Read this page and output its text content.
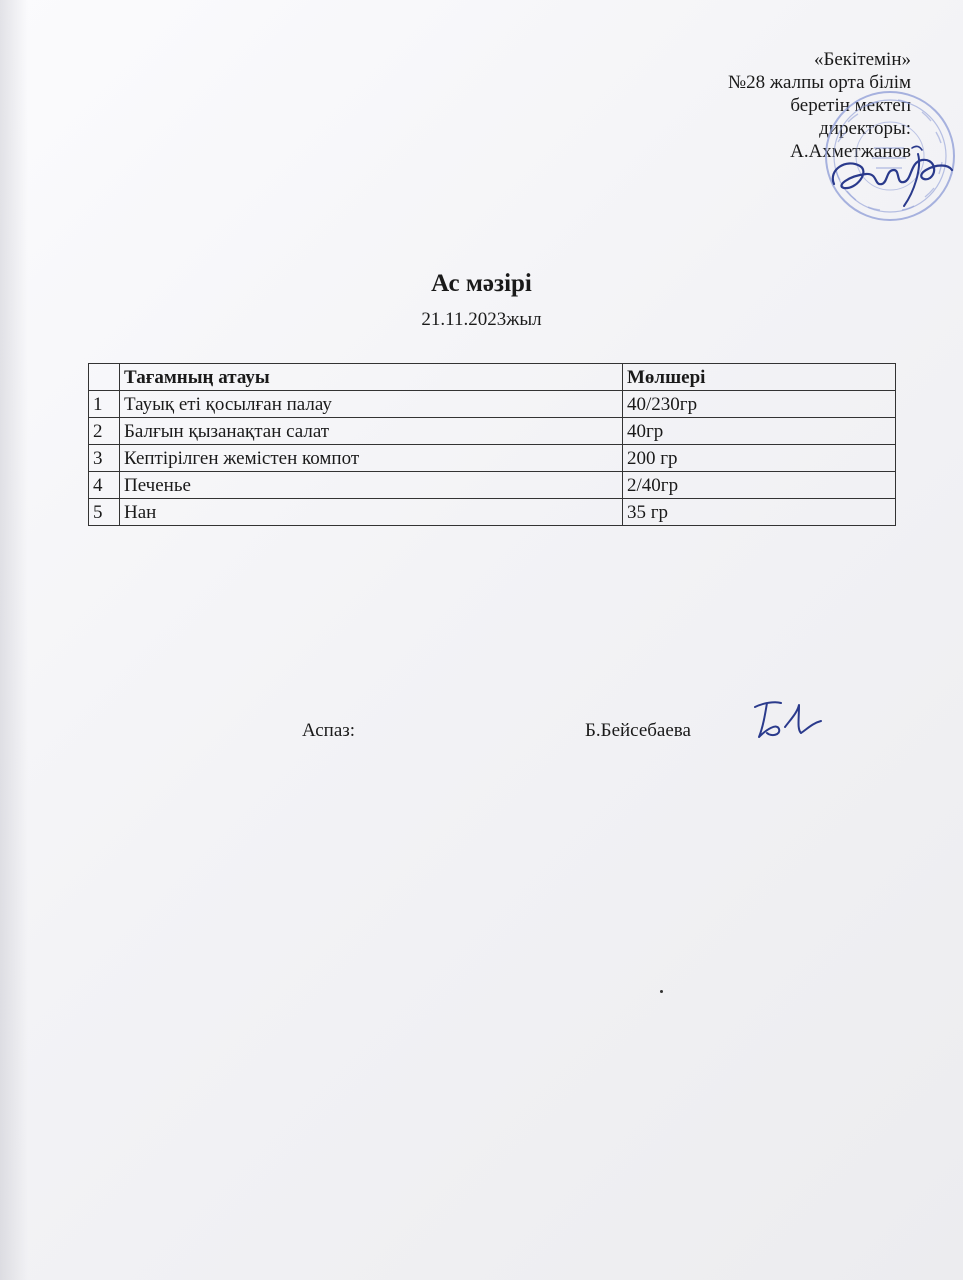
«Бекітемін»
№28 жалпы орта білім
беретін мектеп
директоры:
А.Ахметжанов
Ас мәзірі
21.11.2023жыл
	Тағамның атауы	Мөлшері
1	Тауық еті қосылған палау	40/230гр
2	Балғын қызанақтан салат	40гр
3	Кептірілген жемістен компот	200 гр
4	Печенье	2/40гр
5	Нан	35 гр
Аспаз:	Б.Бейсебаева
